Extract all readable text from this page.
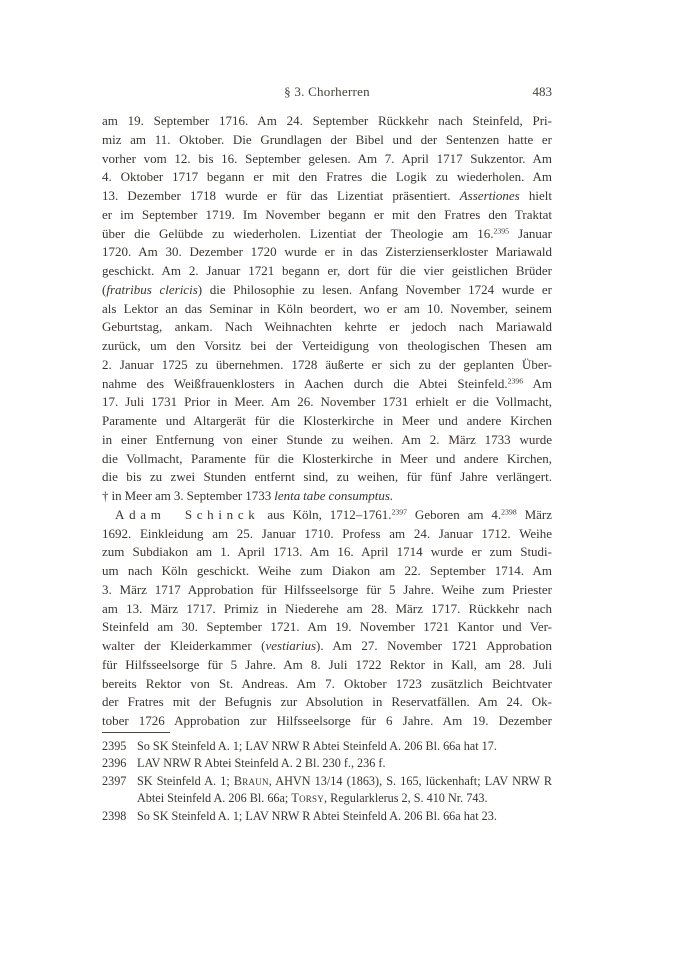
§ 3. Chorherren	483
am 19. September 1716. Am 24. September Rückkehr nach Steinfeld, Pri-
miz am 11. Oktober. Die Grundlagen der Bibel und der Sentenzen hatte er
vorher vom 12. bis 16. September gelesen. Am 7. April 1717 Sukzentor. Am
4. Oktober 1717 begann er mit den Fratres die Logik zu wiederholen. Am
13. Dezember 1718 wurde er für das Lizentiat präsentiert. Assertiones hielt
er im September 1719. Im November begann er mit den Fratres den Traktat
über die Gelübde zu wiederholen. Lizentiat der Theologie am 16.$^{2395}$ Januar
1720. Am 30. Dezember 1720 wurde er in das Zisterzienserkloster Mariawald
geschickt. Am 2. Januar 1721 begann er, dort für die vier geistlichen Brüder
(fratribus clericis) die Philosophie zu lesen. Anfang November 1724 wurde er
als Lektor an das Seminar in Köln beordert, wo er am 10. November, seinem
Geburtstag, ankam. Nach Weihnachten kehrte er jedoch nach Mariawald
zurück, um den Vorsitz bei der Verteidigung von theologischen Thesen am
2. Januar 1725 zu übernehmen. 1728 äußerte er sich zu der geplanten Über-
nahme des Weißfrauenklosters in Aachen durch die Abtei Steinfeld.$^{2396}$ Am
17. Juli 1731 Prior in Meer. Am 26. November 1731 erhielt er die Vollmacht,
Paramente und Altargerät für die Klosterkirche in Meer und andere Kirchen
in einer Entfernung von einer Stunde zu weihen. Am 2. März 1733 wurde
die Vollmacht, Paramente für die Klosterkirche in Meer und andere Kirchen,
die bis zu zwei Stunden entfernt sind, zu weihen, für fünf Jahre verlängert.
† in Meer am 3. September 1733 lenta tabe consumptus.
Adam Schinck aus Köln, 1712–1761.$^{2397}$ Geboren am 4.$^{2398}$ März
1692. Einkleidung am 25. Januar 1710. Profess am 24. Januar 1712. Weihe
zum Subdiakon am 1. April 1713. Am 16. April 1714 wurde er zum Studi-
um nach Köln geschickt. Weihe zum Diakon am 22. September 1714. Am
3. März 1717 Approbation für Hilfsseelsorge für 5 Jahre. Weihe zum Priester
am 13. März 1717. Primiz in Niederehe am 28. März 1717. Rückkehr nach
Steinfeld am 30. September 1721. Am 19. November 1721 Kantor und Ver-
walter der Kleiderkammer (vestiarius). Am 27. November 1721 Approbation
für Hilfsseelsorge für 5 Jahre. Am 8. Juli 1722 Rektor in Kall, am 28. Juli
bereits Rektor von St. Andreas. Am 7. Oktober 1723 zusätzlich Beichtvater
der Fratres mit der Befugnis zur Absolution in Reservatfällen. Am 24. Ok-
tober 1726 Approbation zur Hilfsseelsorge für 6 Jahre. Am 19. Dezember
2395 So SK Steinfeld A. 1; LAV NRW R Abtei Steinfeld A. 206 Bl. 66a hat 17.
2396 LAV NRW R Abtei Steinfeld A. 2 Bl. 230 f., 236 f.
2397 SK Steinfeld A. 1; Braun, AHVN 13/14 (1863), S. 165, lückenhaft; LAV NRW R
Abtei Steinfeld A. 206 Bl. 66a; Torsy, Regularklerus 2, S. 410 Nr. 743.
2398 So SK Steinfeld A. 1; LAV NRW R Abtei Steinfeld A. 206 Bl. 66a hat 23.
